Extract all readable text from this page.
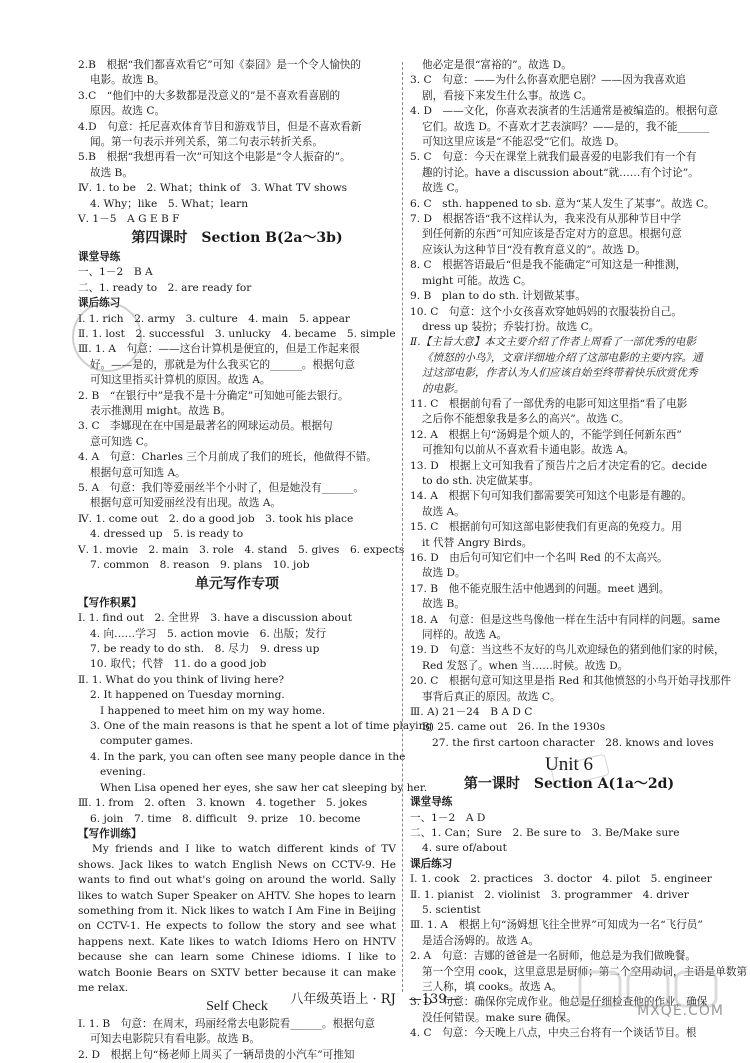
2.B　根据“我们都喜欢看它”可知《泰囧》是一个令人愉快的
电影。故选 B。
3.C　“他们中的大多数都是没意义的”是不喜欢看喜剧的
原因。故选 C。
4.D　句意：托尼喜欢体育节目和游戏节目，但是不喜欢看新
闻。第一句表示并列关系，第二句表示转折关系。
5.B　根据“我想再看一次”可知这个电影是“令人振奋的”。
故选 B。
Ⅳ. 1. to be　2. What；think of　3. What TV shows
4. Why；like　5. What；learn
Ⅴ. 1－5　A G E B F
第四课时　Section B(2a～3b)
课堂导练
一、1－2　B A
二、1. ready to　2. are ready for
课后练习
Ⅰ. 1. rich　2. army　3. culture　4. main　5. appear
Ⅱ. 1. lost　2. successful　3. unlucky　4. became　5. simple
Ⅲ. 1. A　句意：——这台计算机是便宜的，但是工作起来很
好。——是的，那就是为什么我买它的______。根据句意
可知这里指买计算机的原因。故选 A。
2. B　“在银行中”是我不是十分确定”可知她可能去银行。
表示推测用 might。故选 B。
3. C　李娜现在在中国是最著名的网球运动员。根据句
意可知选 C。
4. A　句意：Charles 三个月前成了我们的班长，他做得不错。
根据句意可知选 A。
5. A　句意：我们等爱丽丝半个小时了，但是她没有______。
根据句意可知爱丽丝没有出现。故选 A。
Ⅳ. 1. come out　2. do a good job　3. took his place
4. dressed up　5. is ready to
Ⅴ. 1. movie　2. main　3. role　4. stand　5. gives　6. expects
7. common　8. reason　9. plans　10. job
单元写作专项
【写作积累】
Ⅰ. 1. find out　2. 全世界　3. have a discussion about
4. 向……学习　5. action movie　6. 出版；发行
7. be ready to do sth.　8. 尽力　9. dress up
10. 取代；代替　11. do a good job
Ⅱ. 1. What do you think of living here?
2. It happened on Tuesday morning.
I happened to meet him on my way home.
3. One of the main reasons is that he spent a lot of time playing
computer games.
4. In the park, you can often see many people dance in the
evening.
When Lisa opened her eyes, she saw her cat sleeping by her.
Ⅲ. 1. from　2. often　3. known　4. together　5. jokes
6. join　7. time　8. difficult　9. prize　10. become
【写作训练】

My friends and I like to watch different kinds of TV shows. Jack likes to watch English News on CCTV-9. He wants to find out what's going on around the world. Sally likes to watch Super Speaker on AHTV. She hopes to learn something from it. Nick likes to watch I Am Fine in Beijing on CCTV-1. He expects to follow the story and see what happens next. Kate likes to watch Idioms Hero on HNTV because she can learn some Chinese idioms. I like to watch Boonie Bears on SXTV better because it can make me relax.

Self Check
Ⅰ. 1. B　句意：在周末，玛丽经常去电影院看______。根据句意
可知去电影院只有看电影。故选 B。
2. D　根据上句“杨老师上周买了一辆昂贵的小汽车”可推知
他必定是很“富裕的”。故选 D。
3. C　句意：——为什么你喜欢肥皂剧？——因为我喜欢追
剧，看接下来发生什么事。故选 C。
4. D　——文化，你喜欢表演者的生活通常是被编造的。根据句意
它们。故选 D。不喜欢才艺表演吗？——是的，我不能______
可知这里应该是“不能忍受”它们。故选 D。
5. C　句意：今天在课堂上就我们最喜爱的电影我们有一个有
趣的讨论。have a discussion about“就……有个讨论”。
故选 C。
6. C　sth. happened to sb. 意为“某人发生了某事”。故选 C。
7. D　根据答语“我不这样认为，我来没有从那种节目中学
到任何新的东西”可知应该是否定对方的意思。根据句意
应该认为这种节目“没有教育意义的”。故选 D。
8. C　根据答语最后“但是我不能确定”可知这是一种推测，
might 可能。故选 C。
9. B　plan to do sth. 计划做某事。
10. C　句意：这个小女孩喜欢穿她妈妈的衣服装扮自己。
dress up 装扮；乔装打扮。故选 C。
Ⅱ.【主旨大意】本文主要介绍了作者上周看了一部优秀的电影
《愤怒的小鸟》，文章详细地介绍了这部电影的主要内容。通
过这部电影，作者认为人们应该自始至终带着快乐欣赏优秀
的电影。
11. C　根据前句看了一部优秀的电影可知这里指“看了电影
之后你不能想象我是多么的高兴”。故选 C。
12. A　根据上句“汤姆是个烦人的，不能学到任何新东西”
可推知句以前从不喜欢看卡通电影。故选 A。
13. D　根据上文可知我看了预告片之后才决定看的它。decide
to do sth. 决定做某事。
14. A　根据下句可知我们都需要笑可知这个电影是有趣的。
故选 A。
15. C　根据前句可知这部电影使我们有更高的免疫力。用
it 代替 Angry Birds。
16. D　由后句可知它们中一个名叫 Red 的不太高兴。
故选 D。
17. B　他不能克服生活中他遇到的问题。meet 遇到。
故选 B。
18. A　句意：但是这些鸟像他一样在生活中有同样的问题。same
同样的。故选 A。
19. D　句意：当这些不友好的鸟儿欢迎绿色的猪到他们家的时候，
Red 发怒了。when 当……时候。故选 D。
20. C　根据句意可知这里是指 Red 和其他愤怒的小鸟开始寻找那件
事背后真正的原因。故选 C。
Ⅲ. A) 21－24　B A D C
B) 25. came out　26. In the 1930s
27. the first cartoon character　28. knows and loves
Unit 6
第一课时　Section A(1a～2d)
课堂导练
一、1－2　A D
二、1. Can；Sure　2. Be sure to　3. Be/Make sure
4. sure of/about
课后练习
Ⅰ. 1. cook　2. practices　3. doctor　4. pilot　5. engineer
Ⅱ. 1. pianist　2. violinist　3. programmer　4. driver
5. scientist
Ⅲ. 1. A　根据上句“汤姆想飞往全世界”可知成为一名“飞行员”
是适合汤姆的。故选 A。
2. A　句意：吉娜的爸爸是一名厨师，他总是为我们做晚餐。
第一个空用 cook，这里意思是厨师；第二个空用动词，主语是单数第
三人称，填 cooks。故选 A。
3. D　句意：确保你完成作业。他总是仔细检查他的作业，确保
没任何错误。make sure 确保。
4. C　句意：今天晚上八点，中央三台将有一个谈话节目。根
MXQE.COM
八年级英语上 · RJ　—139—
